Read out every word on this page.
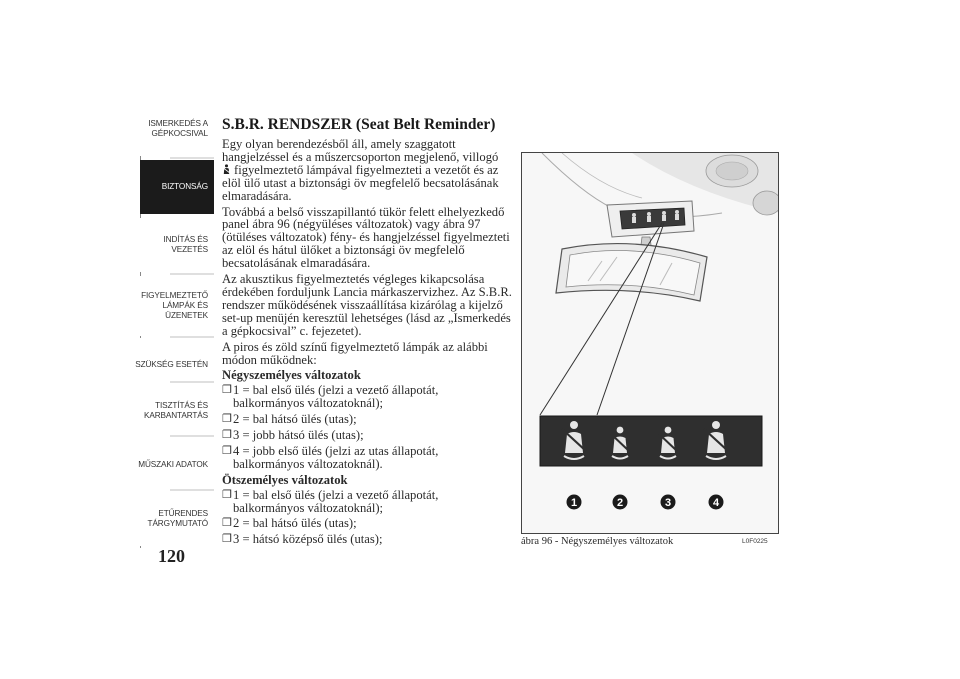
ISMERKEDÉS A
GÉPKOCSIVAL
BIZTONSÁG
INDÍTÁS ÉS
VEZETÉS
FIGYELMEZTETŐ
LÁMPÁK ÉS
ÜZENETEK
SZÜKSÉG ESETÉN
TISZTÍTÁS ÉS
KARBANTARTÁS
MŰSZAKI ADATOK
ETŰRENDES
TÁRGYMUTATÓ
120
S.B.R. RENDSZER (Seat Belt Reminder)

Egy olyan berendezésből áll, amely szaggatott hangjelzéssel és a műszercsoporton megjelenő, villogó
figyelmeztető lámpával figyelmezteti a vezetőt és az elöl ülő utast a biztonsági öv megfelelő becsatolásának elmaradására.

Továbbá a belső visszapillantó tükör felett elhelyezkedő panel ábra 96 (négyüléses változatok) vagy ábra 97 (ötüléses változatok) fény- és hangjelzéssel figyelmezteti az elöl és hátul ülőket a biztonsági öv megfelelő becsatolásának elmaradására.

Az akusztikus figyelmeztetés végleges kikapcsolása érdekében forduljunk Lancia márkaszervizhez. Az S.B.R. rendszer működésének visszaállítása kizárólag a kijelző set-up menüjén keresztül lehetséges (lásd az „Ismerkedés a gépkocsival” c. fejezetet).

A piros és zöld színű figyelmeztető lámpák az alábbi módon működnek:

Négyszemélyes változatok
❐ 1 = bal első ülés (jelzi a vezető állapotát, balkormányos változatoknál);
❐ 2 = bal hátsó ülés (utas);
❐ 3 = jobb hátsó ülés (utas);
❐ 4 = jobb első ülés (jelzi az utas állapotát, balkormányos változatoknál).
Ötszemélyes változatok
❐ 1 = bal első ülés (jelzi a vezető állapotát, balkormányos változatoknál);
❐ 2 = bal hátsó ülés (utas);
❐ 3 = hátsó középső ülés (utas);
1	2	3	4
ábra 96 - Négyszemélyes változatok	L0F0225
